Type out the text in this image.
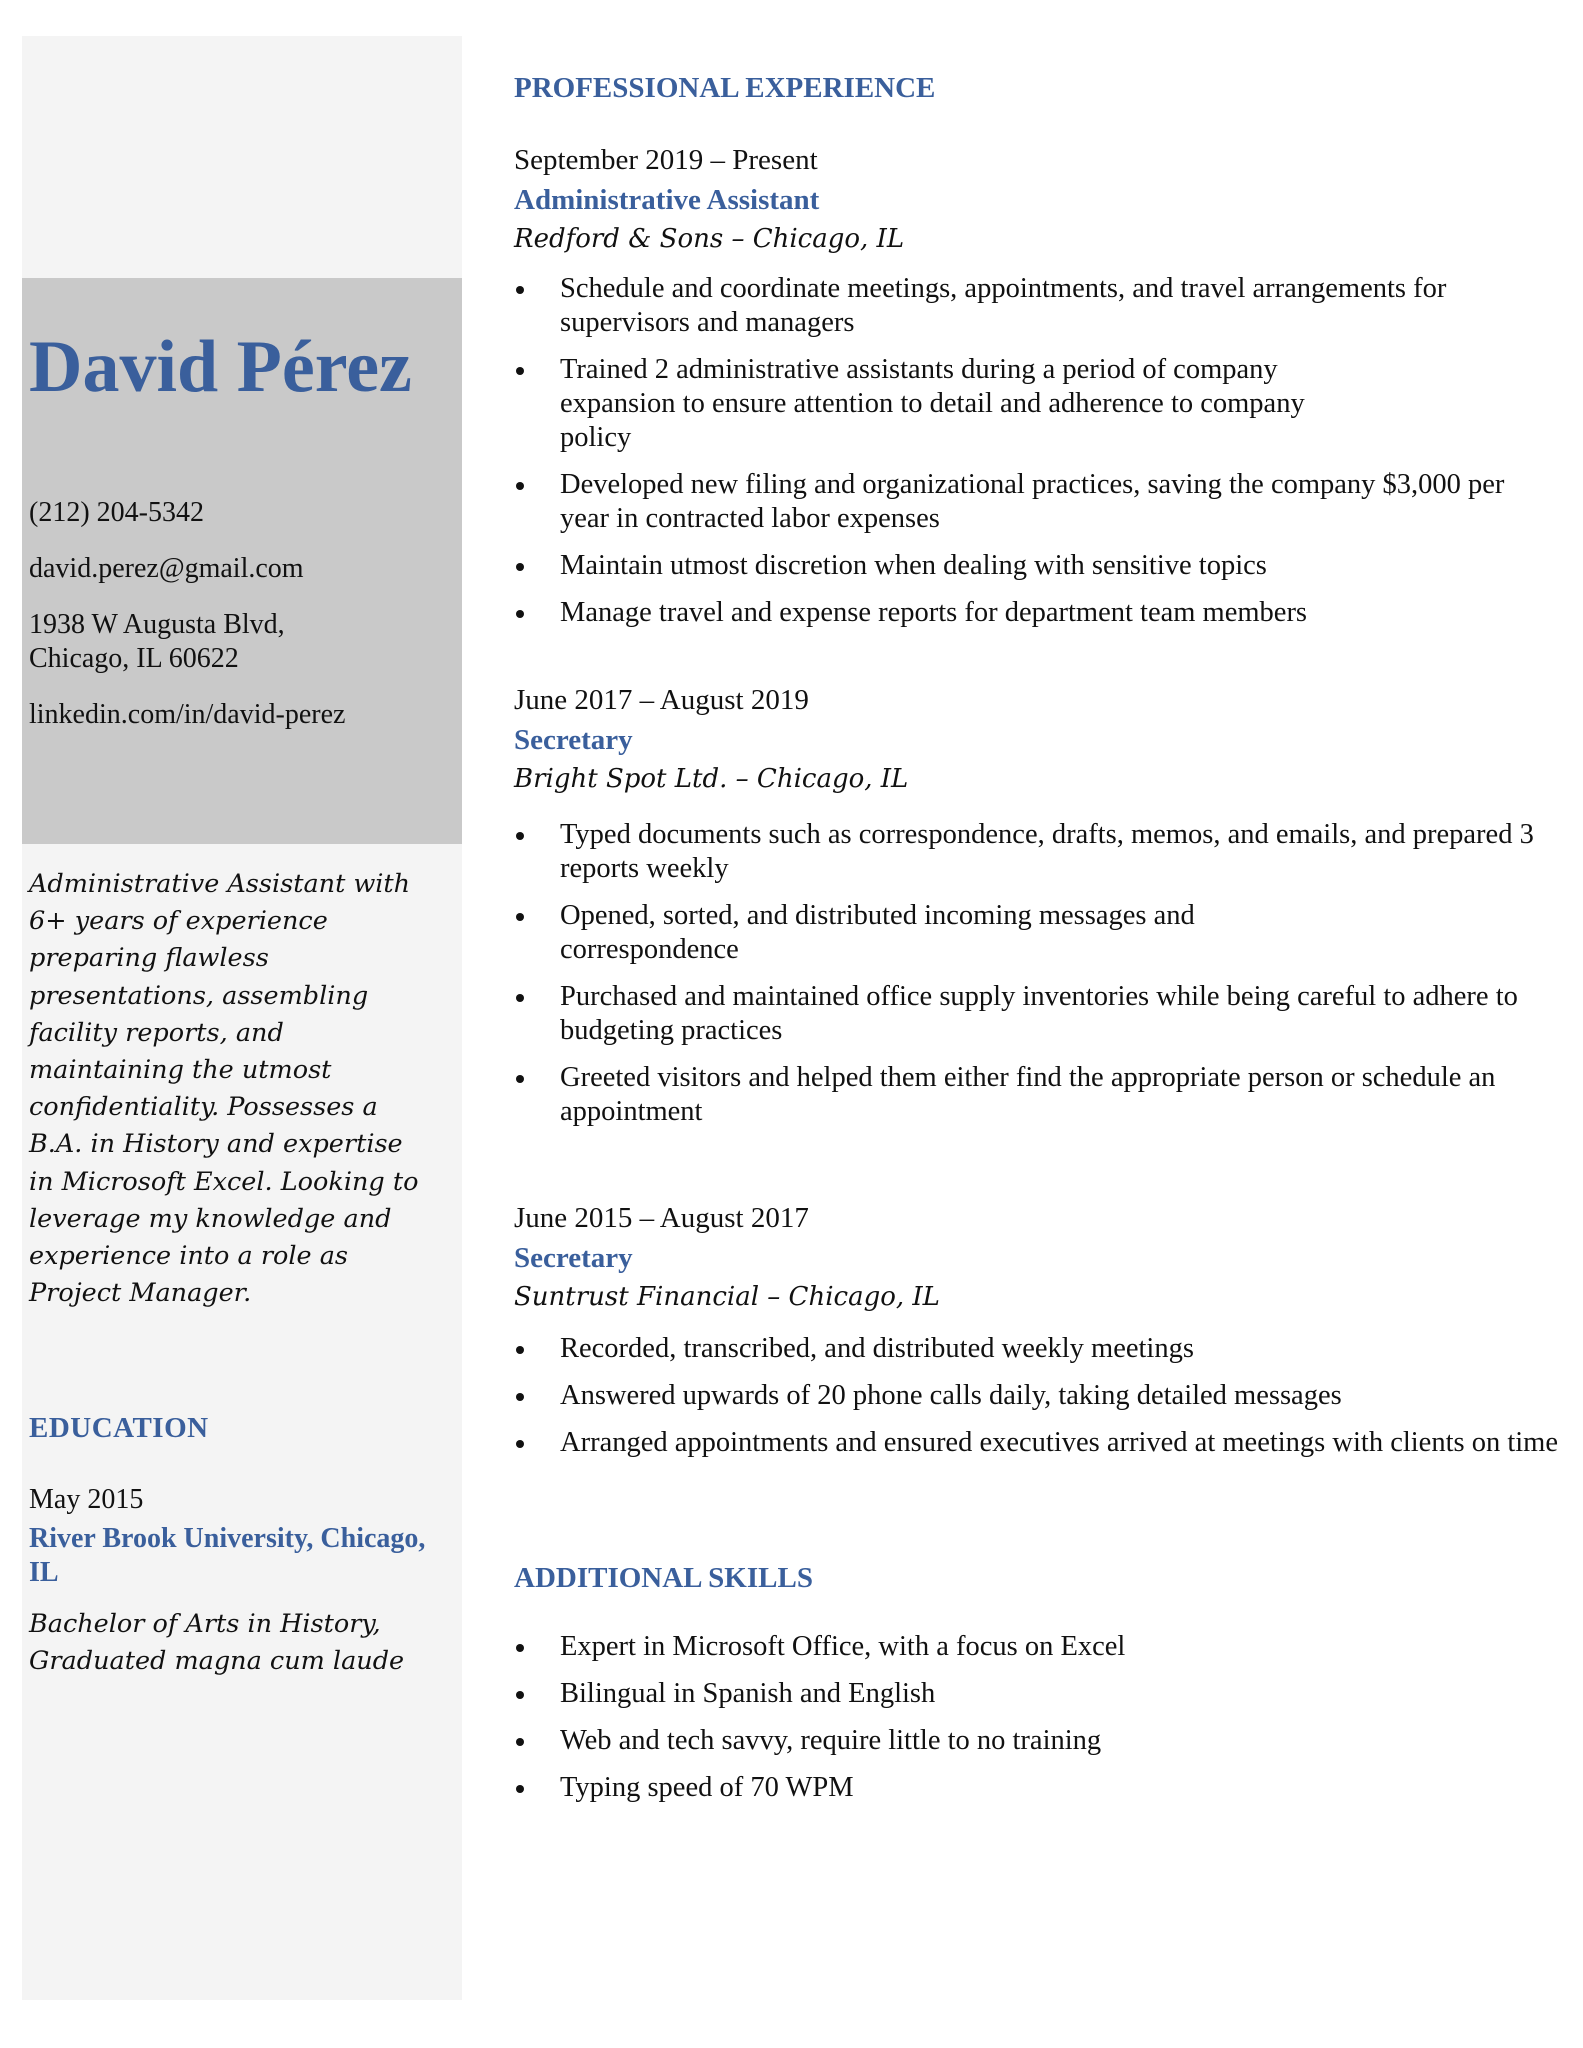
David Pérez
(212) 204-5342
david.perez@gmail.com
1938 W Augusta Blvd,
Chicago, IL 60622
linkedin.com/in/david-perez
Administrative Assistant with 6+ years of experience preparing flawless presentations, assembling facility reports, and maintaining the utmost confidentiality. Possesses a B.A. in History and expertise in Microsoft Excel. Looking to leverage my knowledge and experience into a role as Project Manager.
EDUCATION
May 2015
River Brook University, Chicago, IL
Bachelor of Arts in History, Graduated magna cum laude
PROFESSIONAL EXPERIENCE
September 2019 – Present
Administrative Assistant
Redford & Sons – Chicago, IL
Schedule and coordinate meetings, appointments, and travel arrangements for supervisors and managers
Trained 2 administrative assistants during a period of company expansion to ensure attention to detail and adherence to company policy
Developed new filing and organizational practices, saving the company $3,000 per year in contracted labor expenses
Maintain utmost discretion when dealing with sensitive topics
Manage travel and expense reports for department team members
June 2017 – August 2019
Secretary
Bright Spot Ltd. – Chicago, IL
Typed documents such as correspondence, drafts, memos, and emails, and prepared 3 reports weekly
Opened, sorted, and distributed incoming messages and correspondence
Purchased and maintained office supply inventories while being careful to adhere to budgeting practices
Greeted visitors and helped them either find the appropriate person or schedule an appointment
June 2015 – August 2017
Secretary
Suntrust Financial – Chicago, IL
Recorded, transcribed, and distributed weekly meetings
Answered upwards of 20 phone calls daily, taking detailed messages
Arranged appointments and ensured executives arrived at meetings with clients on time
ADDITIONAL SKILLS
Expert in Microsoft Office, with a focus on Excel
Bilingual in Spanish and English
Web and tech savvy, require little to no training
Typing speed of 70 WPM
